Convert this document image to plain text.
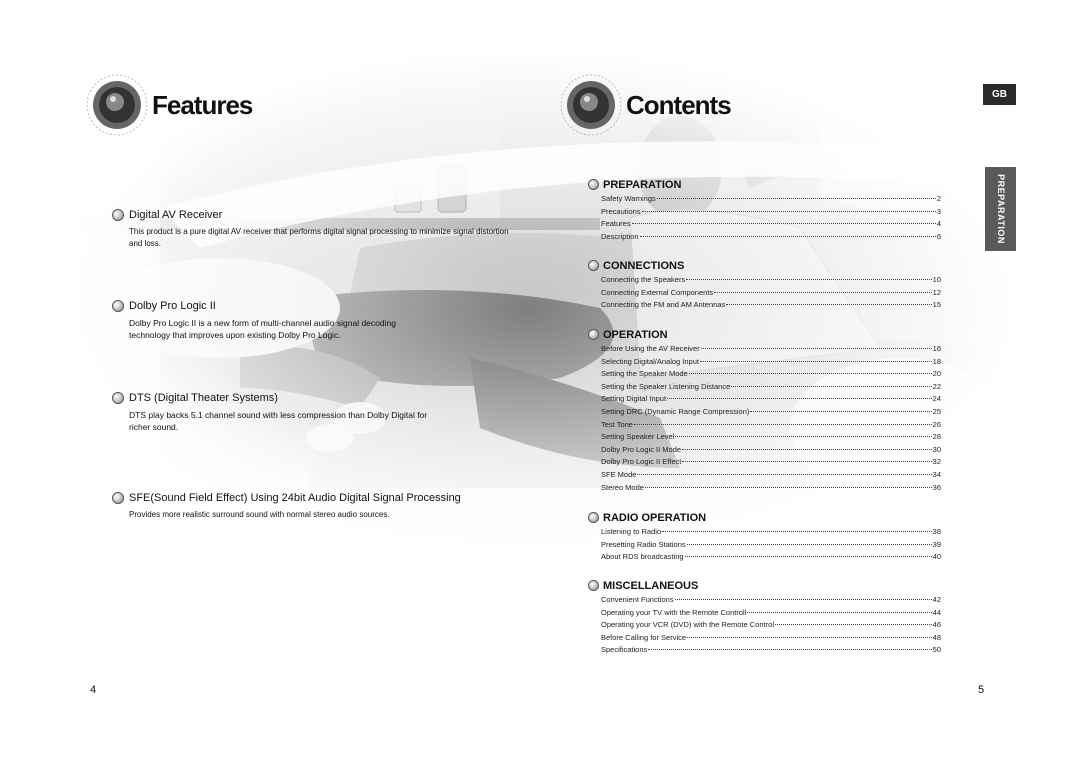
Features
Digital AV Receiver
This product is a pure digital AV receiver that performs digital signal processing to minimize signal distortion and loss.
Dolby Pro Logic II
Dolby Pro Logic II is a new form of multi-channel audio signal decoding technology that improves upon existing Dolby Pro Logic.
DTS (Digital Theater Systems)
DTS play backs 5.1 channel sound with less compression than Dolby Digital for richer sound.
SFE(Sound Field Effect) Using 24bit Audio Digital Signal Processing
Provides more realistic surround sound with normal stereo audio sources.
4
Contents	GB
PREPARATION
PREPARATION
Safety Warnings	2
Precautions	3
Features	4
Description	6
CONNECTIONS
Connecting the Speakers	10
Connecting External Components	12
Connecting the FM and AM Antennas	15
OPERATION
Before Using the AV Receiver	16
Selecting Digital/Analog Input	18
Setting the Speaker Mode	20
Setting the Speaker Listening Distance	22
Setting Digital Input	24
Setting DRC (Dynamic Range Compression)	25
Test Tone	26
Setting Speaker Level	28
Dolby Pro Logic II Mode	30
Dolby Pro Logic II Effect	32
SFE Mode	34
Stereo Mode	36
RADIO OPERATION
Listening to Radio	38
Presetting Radio Stations	39
About RDS broadcasting	40
MISCELLANEOUS
Convenient Functions	42
Operating your TV with the Remote Controll	44
Operating your VCR (DVD) with the Remote Control	46
Before Calling for Service	48
Specifications	50
5
